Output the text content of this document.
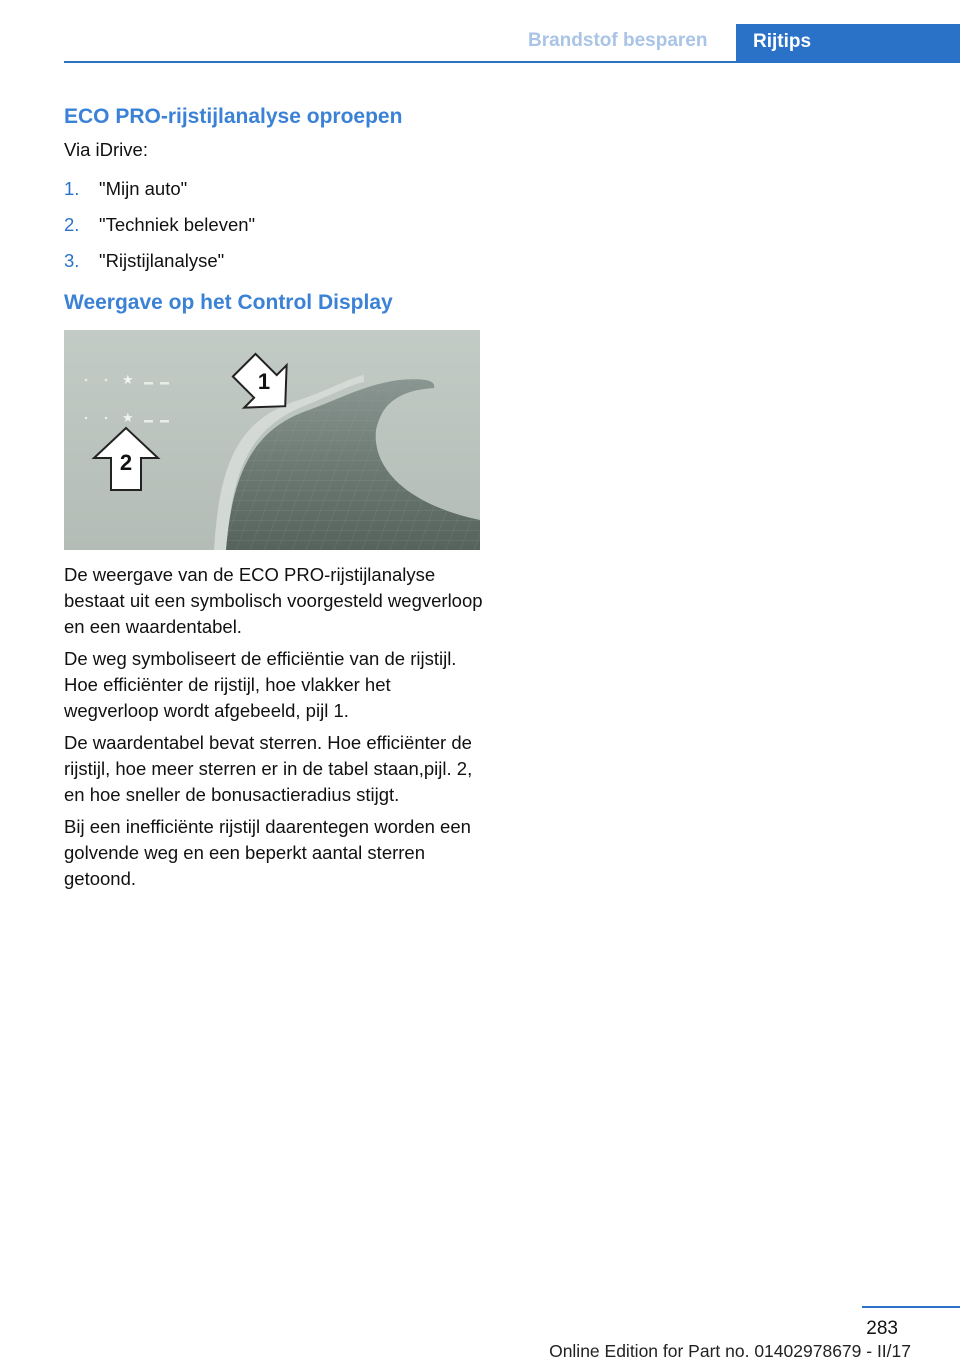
Brandstof besparen	Rijtips
ECO PRO-rijstijlanalyse oproepen
Via iDrive:
1. "Mijn auto"
2. "Techniek beleven"
3. "Rijstijlanalyse"
Weergave op het Control Display
★
★
1
2

De weergave van de ECO PRO-rijstijlanalyse bestaat uit een symbolisch voorgesteld wegverloop en een waardentabel.

De weg symboliseert de efficiëntie van de rijstijl. Hoe efficiënter de rijstijl, hoe vlakker het wegverloop wordt afgebeeld, pijl 1.

De waardentabel bevat sterren. Hoe efficiënter de rijstijl, hoe meer sterren er in de tabel staan,pijl. 2, en hoe sneller de bonusactieradius stijgt.

Bij een inefficiënte rijstijl daarentegen worden een golvende weg en een beperkt aantal sterren getoond.

283
Online Edition for Part no. 01402978679 - II/17
